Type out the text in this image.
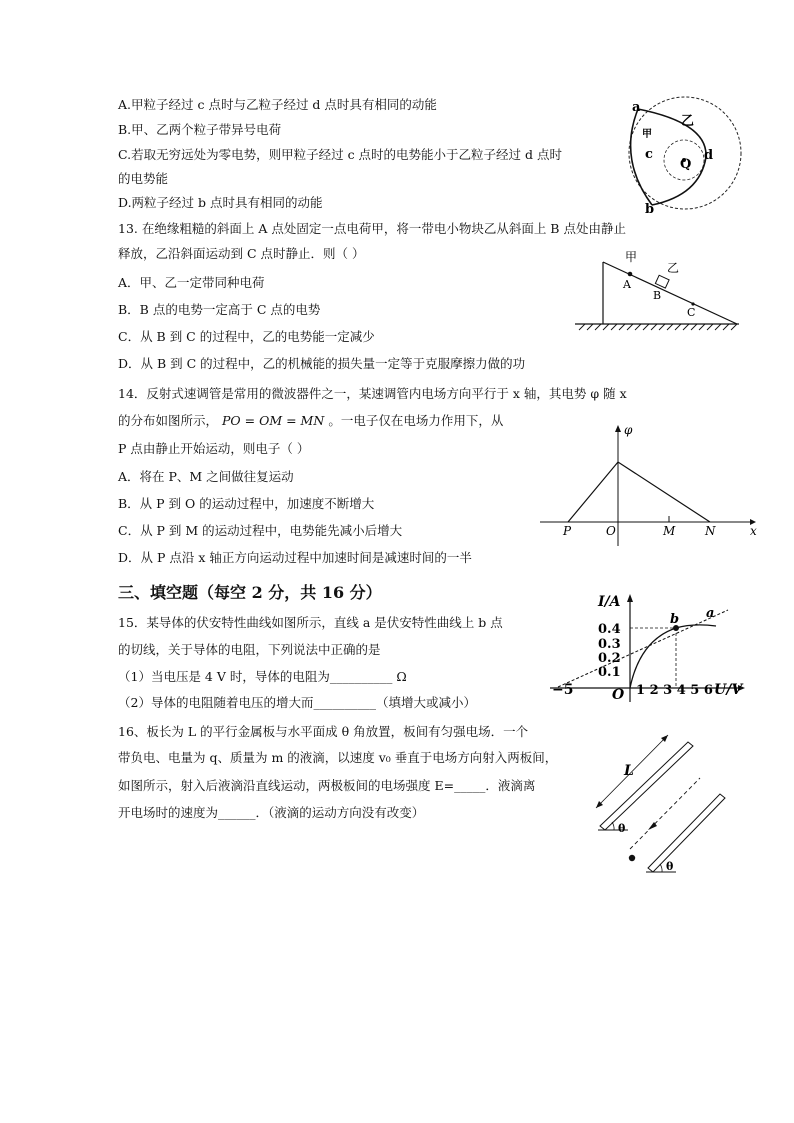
A.甲粒子经过 c 点时与乙粒子经过 d 点时具有相同的动能
B.甲、乙两个粒子带异号电荷
C.若取无穷远处为零电势，则甲粒子经过 c 点时的电势能小于乙粒子经过 d 点时
的电势能
D.两粒子经过 b 点时具有相同的动能
a
b
c	d
Q
甲
乙
13. 在绝缘粗糙的斜面上 A 点处固定一点电荷甲，将一带电小物块乙从斜面上 B 点处由静止
释放，乙沿斜面运动到 C 点时静止．则（ ）
A．甲、乙一定带同种电荷
B．B 点的电势一定高于 C 点的电势
C．从 B 到 C 的过程中，乙的电势能一定减少
D．从 B 到 C 的过程中，乙的机械能的损失量一定等于克服摩擦力做的功
甲
乙
A
B
C
14．反射式速调管是常用的微波器件之一，某速调管内电场方向平行于 x 轴，其电势 φ 随 x
的分布如图所示， PO = OM = MN 。一电子仅在电场力作用下，从
P 点由静止开始运动，则电子（ ）
A．将在 P、M 之间做往复运动
B．从 P 到 O 的运动过程中，加速度不断增大
C．从 P 到 M 的运动过程中，电势能先减小后增大
D．从 P 点沿 x 轴正方向运动过程中加速时间是减速时间的一半
φ
P	O	M N	x
三、填空题（每空 2 分，共 16 分）
15．某导体的伏安特性曲线如图所示，直线 a 是伏安特性曲线上 b 点
的切线，关于导体的电阻，下列说法中正确的是
（1）当电压是 4 V 时，导体的电阻为__________ Ω
（2）导体的电阻随着电压的增大而__________（填增大或减小）
I/A
U/V
O
a
b
0.4
0.3
0.2
0.1
−5	1 2 3 4 5 6
16、板长为 L 的平行金属板与水平面成 θ 角放置，板间有匀强电场．一个
带负电、电量为 q、质量为 m 的液滴，以速度 v₀ 垂直于电场方向射入两板间，
如图所示，射入后液滴沿直线运动，两极板间的电场强度 E=_____．液滴离
开电场时的速度为______．（液滴的运动方向没有改变）
L
θ
θ
